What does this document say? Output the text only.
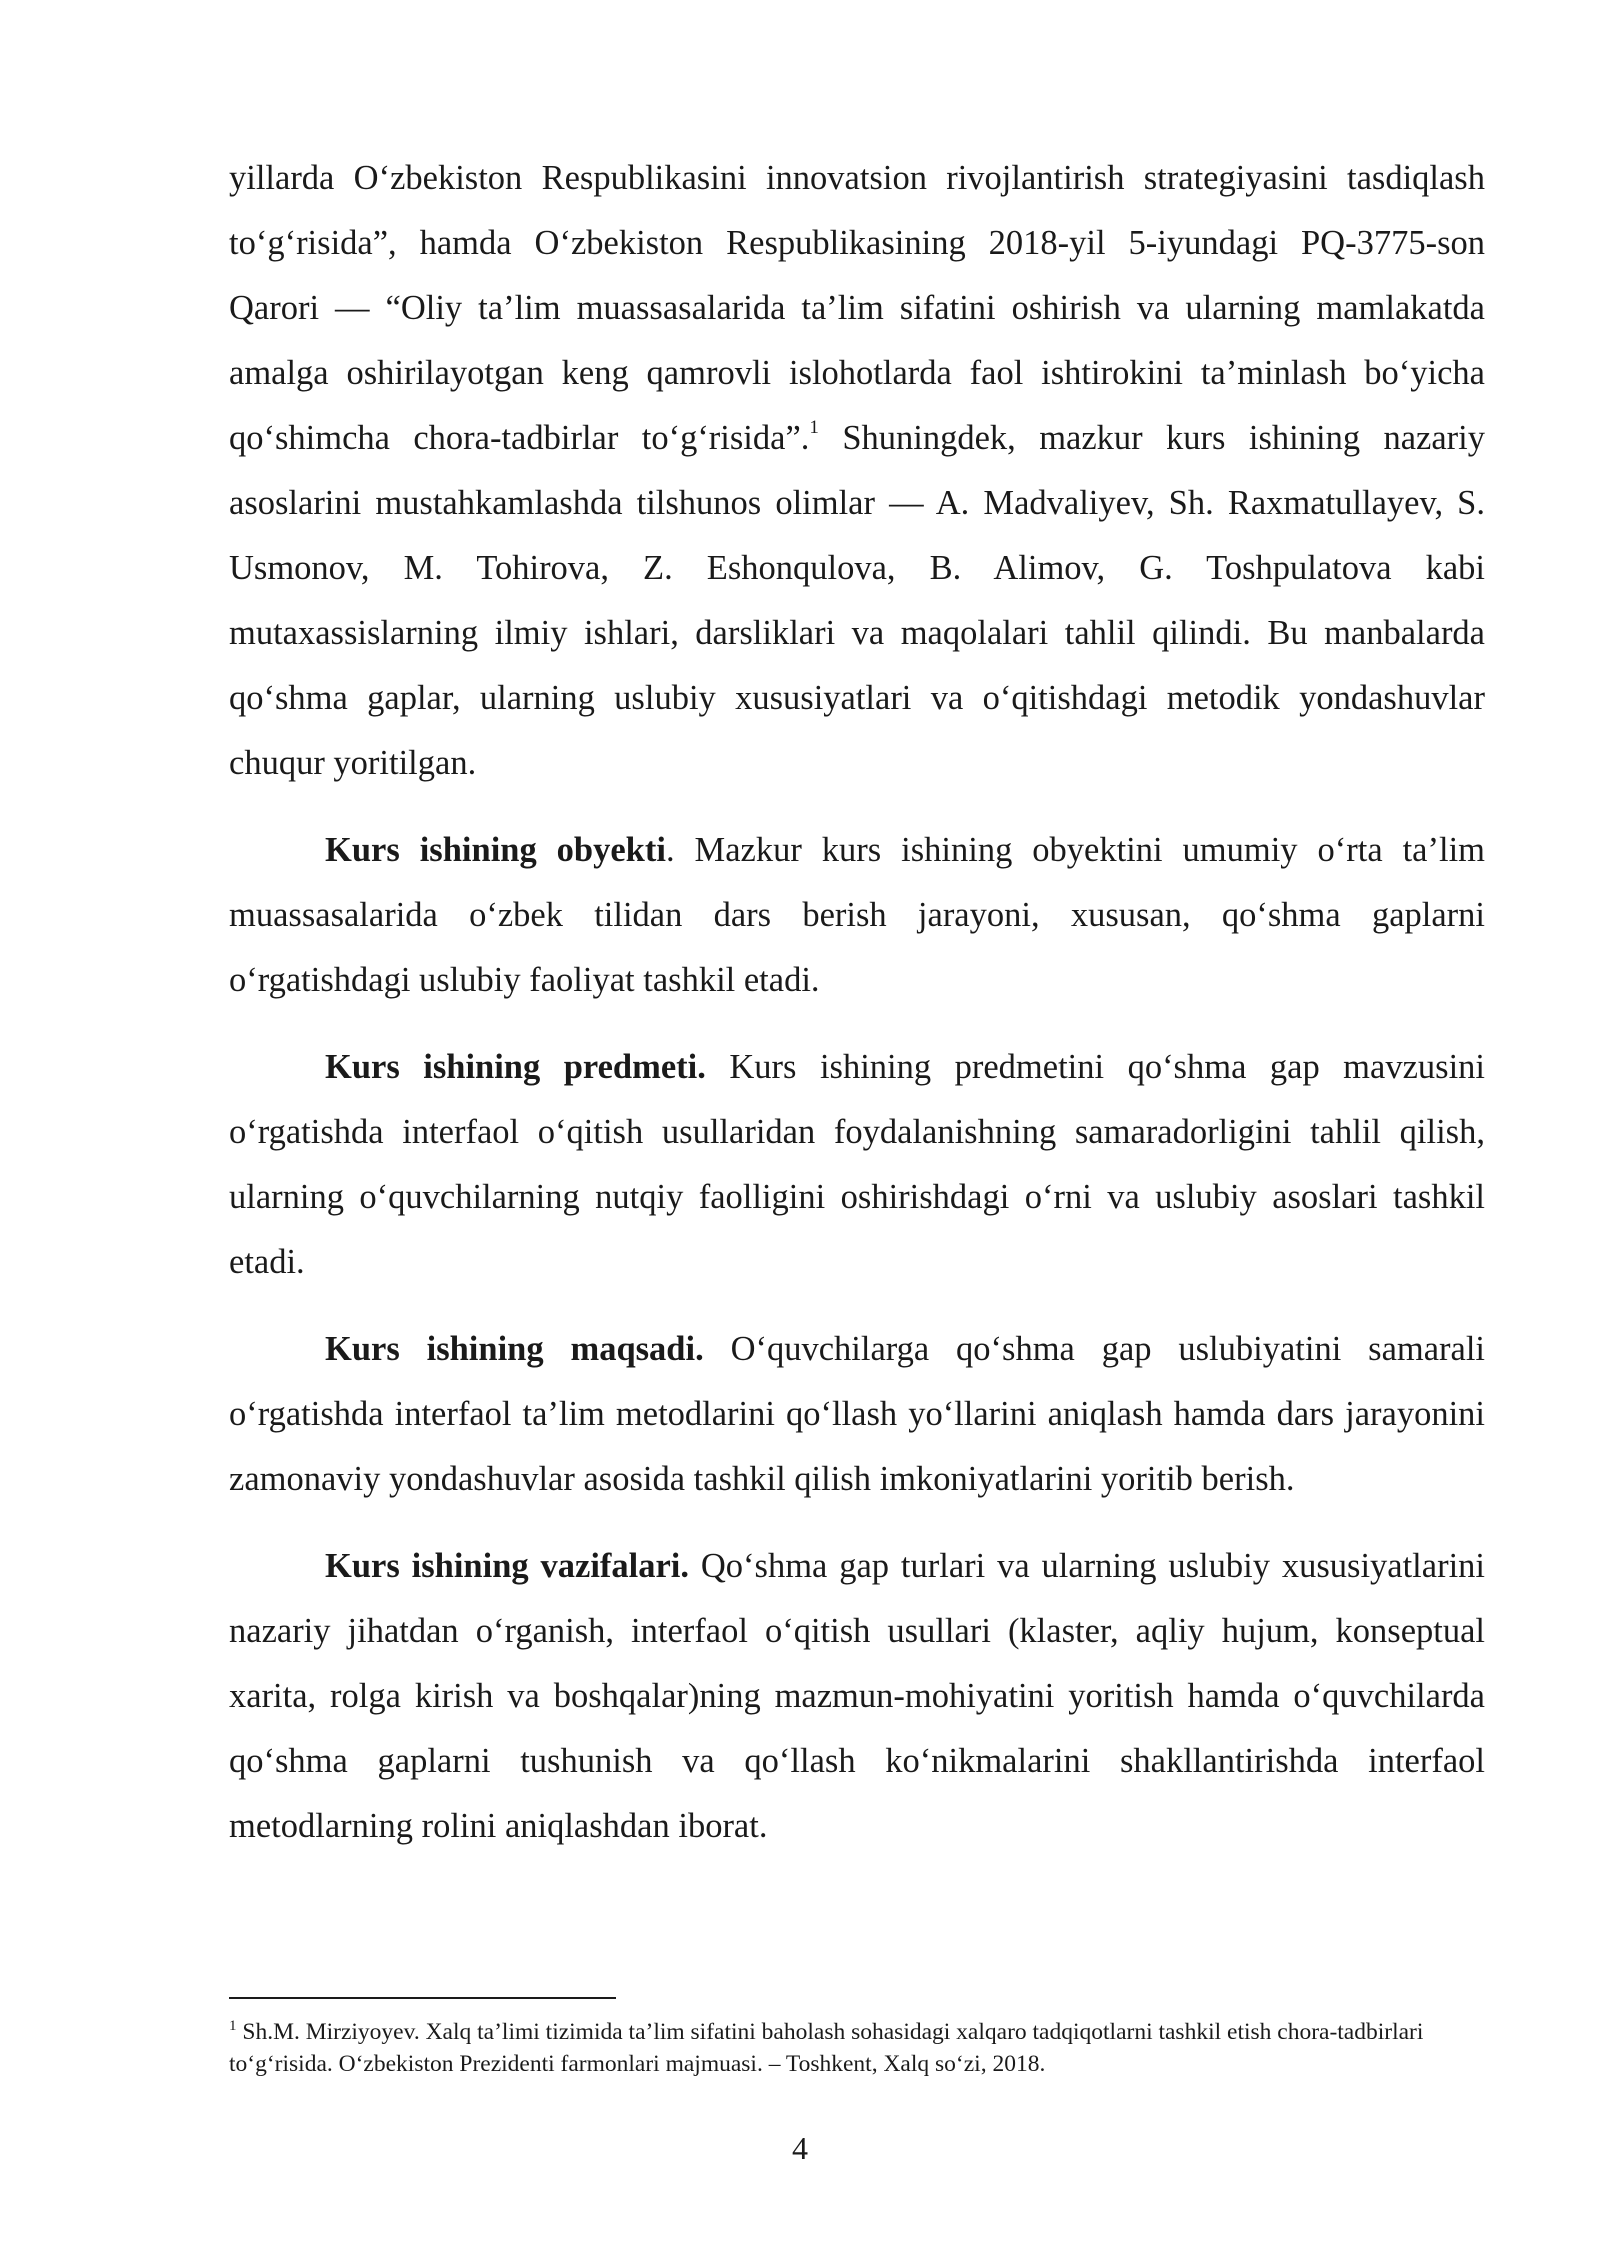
yillarda O‘zbekiston Respublikasini innovatsion rivojlantirish strategiyasini tasdiqlash to‘g‘risida”, hamda O‘zbekiston Respublikasining 2018-yil 5-iyundagi PQ-3775-son Qarori — “Oliy ta’lim muassasalarida ta’lim sifatini oshirish va ularning mamlakatda amalga oshirilayotgan keng qamrovli islohotlarda faol ishtirokini ta’minlash bo‘yicha qo‘shimcha chora-tadbirlar to‘g‘risida”.$^1$ Shuningdek, mazkur kurs ishining nazariy asoslarini mustahkamlashda tilshunos olimlar — A. Madvaliyev, Sh. Raxmatullayev, S. Usmonov, M. Tohirova, Z. Eshonqulova, B. Alimov, G. Toshpulatova kabi mutaxassislarning ilmiy ishlari, darsliklari va maqolalari tahlil qilindi. Bu manbalarda qo‘shma gaplar, ularning uslubiy xususiyatlari va o‘qitishdagi metodik yondashuvlar chuqur yoritilgan.

Kurs ishining obyekti. Mazkur kurs ishining obyektini umumiy o‘rta ta’lim muassasalarida o‘zbek tilidan dars berish jarayoni, xususan, qo‘shma gaplarni o‘rgatishdagi uslubiy faoliyat tashkil etadi.

Kurs ishining predmeti. Kurs ishining predmetini qo‘shma gap mavzusini o‘rgatishda interfaol o‘qitish usullaridan foydalanishning samaradorligini tahlil qilish, ularning o‘quvchilarning nutqiy faolligini oshirishdagi o‘rni va uslubiy asoslari tashkil etadi.

Kurs ishining maqsadi. O‘quvchilarga qo‘shma gap uslubiyatini samarali o‘rgatishda interfaol ta’lim metodlarini qo‘llash yo‘llarini aniqlash hamda dars jarayonini zamonaviy yondashuvlar asosida tashkil qilish imkoniyatlarini yoritib berish.

Kurs ishining vazifalari. Qo‘shma gap turlari va ularning uslubiy xususiyatlarini nazariy jihatdan o‘rganish, interfaol o‘qitish usullari (klaster, aqliy hujum, konseptual xarita, rolga kirish va boshqalar)ning mazmun-mohiyatini yoritish hamda o‘quvchilarda qo‘shma gaplarni tushunish va qo‘llash ko‘nikmalarini shakllantirishda interfaol metodlarning rolini aniqlashdan iborat.

$^1$ Sh.M. Mirziyoyev. Xalq ta’limi tizimida ta’lim sifatini baholash sohasidagi xalqaro tadqiqotlarni tashkil etish chora-tadbirlari to‘g‘risida. O‘zbekiston Prezidenti farmonlari majmuasi. – Toshkent, Xalq so‘zi, 2018.
4
